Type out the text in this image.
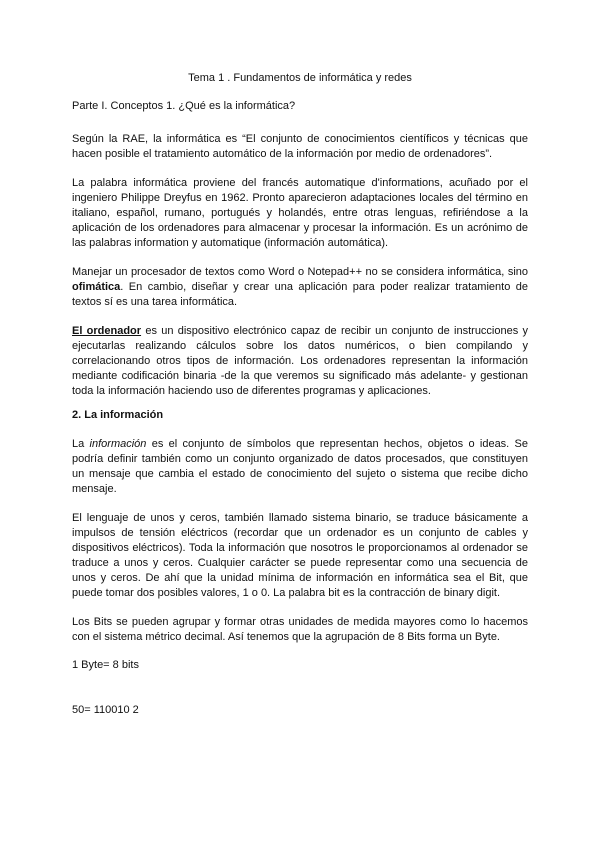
Tema 1 . Fundamentos de informática y redes

Parte I. Conceptos 1. ¿Qué es la informática?

Según la RAE, la informática es “El conjunto de conocimientos científicos y técnicas que hacen posible el tratamiento automático de la información por medio de ordenadores”.

La palabra informática proviene del francés automatique d'informations, acuñado por el ingeniero Philippe Dreyfus en 1962. Pronto aparecieron adaptaciones locales del término en italiano, español, rumano, portugués y holandés, entre otras lenguas, refiriéndose a la aplicación de los ordenadores para almacenar y procesar la información. Es un acrónimo de las palabras information y automatique (información automática).

Manejar un procesador de textos como Word o Notepad++ no se considera informática, sino ofimática. En cambio, diseñar y crear una aplicación para poder realizar tratamiento de textos sí es una tarea informática.

El ordenador es un dispositivo electrónico capaz de recibir un conjunto de instrucciones y ejecutarlas realizando cálculos sobre los datos numéricos, o bien compilando y correlacionando otros tipos de información. Los ordenadores representan la información mediante codificación binaria -de la que veremos su significado más adelante- y gestionan toda la información haciendo uso de diferentes programas y aplicaciones.

2. La información

La información es el conjunto de símbolos que representan hechos, objetos o ideas. Se podría definir también como un conjunto organizado de datos procesados, que constituyen un mensaje que cambia el estado de conocimiento del sujeto o sistema que recibe dicho mensaje.

El lenguaje de unos y ceros, también llamado sistema binario, se traduce básicamente a impulsos de tensión eléctricos (recordar que un ordenador es un conjunto de cables y dispositivos eléctricos). Toda la información que nosotros le proporcionamos al ordenador se traduce a unos y ceros. Cualquier carácter se puede representar como una secuencia de unos y ceros. De ahí que la unidad mínima de información en informática sea el Bit, que puede tomar dos posibles valores, 1 o 0. La palabra bit es la contracción de binary digit.

Los Bits se pueden agrupar y formar otras unidades de medida mayores como lo hacemos con el sistema métrico decimal. Así tenemos que la agrupación de 8 Bits forma un Byte.

1 Byte= 8 bits

50= 110010 2
